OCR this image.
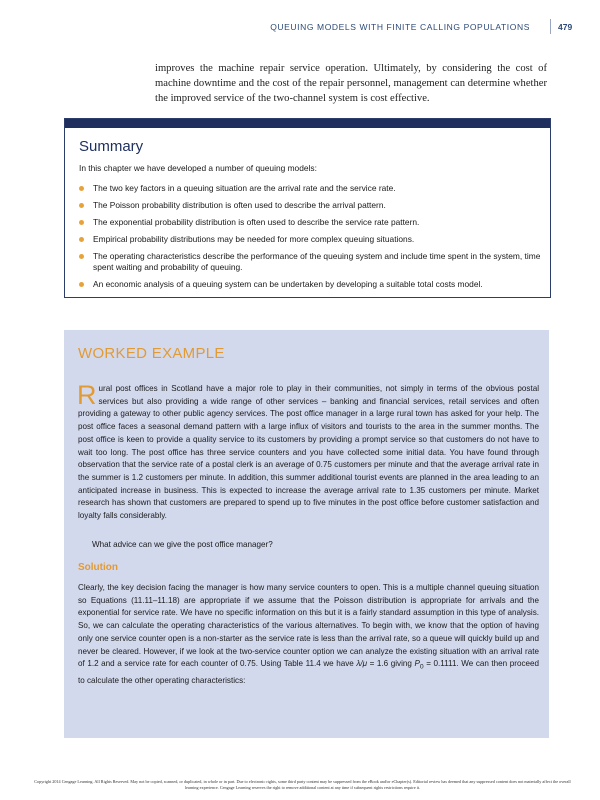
QUEUING MODELS WITH FINITE CALLING POPULATIONS	479

improves the machine repair service operation. Ultimately, by considering the cost of machine downtime and the cost of the repair personnel, management can determine whether the improved service of the two-channel system is cost effective.

Summary
In this chapter we have developed a number of queuing models:
The two key factors in a queuing situation are the arrival rate and the service rate.
The Poisson probability distribution is often used to describe the arrival pattern.
The exponential probability distribution is often used to describe the service rate pattern.
Empirical probability distributions may be needed for more complex queuing situations.
The operating characteristics describe the performance of the queuing system and include time spent in the system, time spent waiting and probability of queuing.
An economic analysis of a queuing system can be undertaken by developing a suitable total costs model.
WORKED EXAMPLE
Rural post offices in Scotland have a major role to play in their communities, not simply in terms of the obvious postal services but also providing a wide range of other services – banking and financial services, retail services and often providing a gateway to other public agency services. The post office manager in a large rural town has asked for your help. The post office faces a seasonal demand pattern with a large influx of visitors and tourists to the area in the summer months. The post office is keen to provide a quality service to its customers by providing a prompt service so that customers do not have to wait too long. The post office has three service counters and you have collected some initial data. You have found through observation that the service rate of a postal clerk is an average of 0.75 customers per minute and that the average arrival rate in the summer is 1.2 customers per minute. In addition, this summer additional tourist events are planned in the area leading to an anticipated increase in business. This is expected to increase the average arrival rate to 1.35 customers per minute. Market research has shown that customers are prepared to spend up to five minutes in the post office before customer satisfaction and loyalty falls considerably.
What advice can we give the post office manager?
Solution
Clearly, the key decision facing the manager is how many service counters to open. This is a multiple channel queuing situation so Equations (11.11–11.18) are appropriate if we assume that the Poisson distribution is appropriate for arrivals and the exponential for service rate. We have no specific information on this but it is a fairly standard assumption in this type of analysis. So, we can calculate the operating characteristics of the various alternatives. To begin with, we know that the option of having only one service counter open is a non-starter as the service rate is less than the arrival rate, so a queue will quickly build up and never be cleared. However, if we look at the two-service counter option we can analyze the existing situation with an arrival rate of 1.2 and a service rate for each counter of 0.75. Using Table 11.4 we have λ/μ = 1.6 giving $P_0 = 0.1111$. We can then proceed to calculate the other operating characteristics:
Copyright 2014 Cengage Learning. All Rights Reserved. May not be copied, scanned, or duplicated, in whole or in part. Due to electronic rights, some third party content may be suppressed from the eBook and/or eChapter(s). Editorial review has deemed that any suppressed content does not materially affect the overall learning experience. Cengage Learning reserves the right to remove additional content at any time if subsequent rights restrictions require it.
